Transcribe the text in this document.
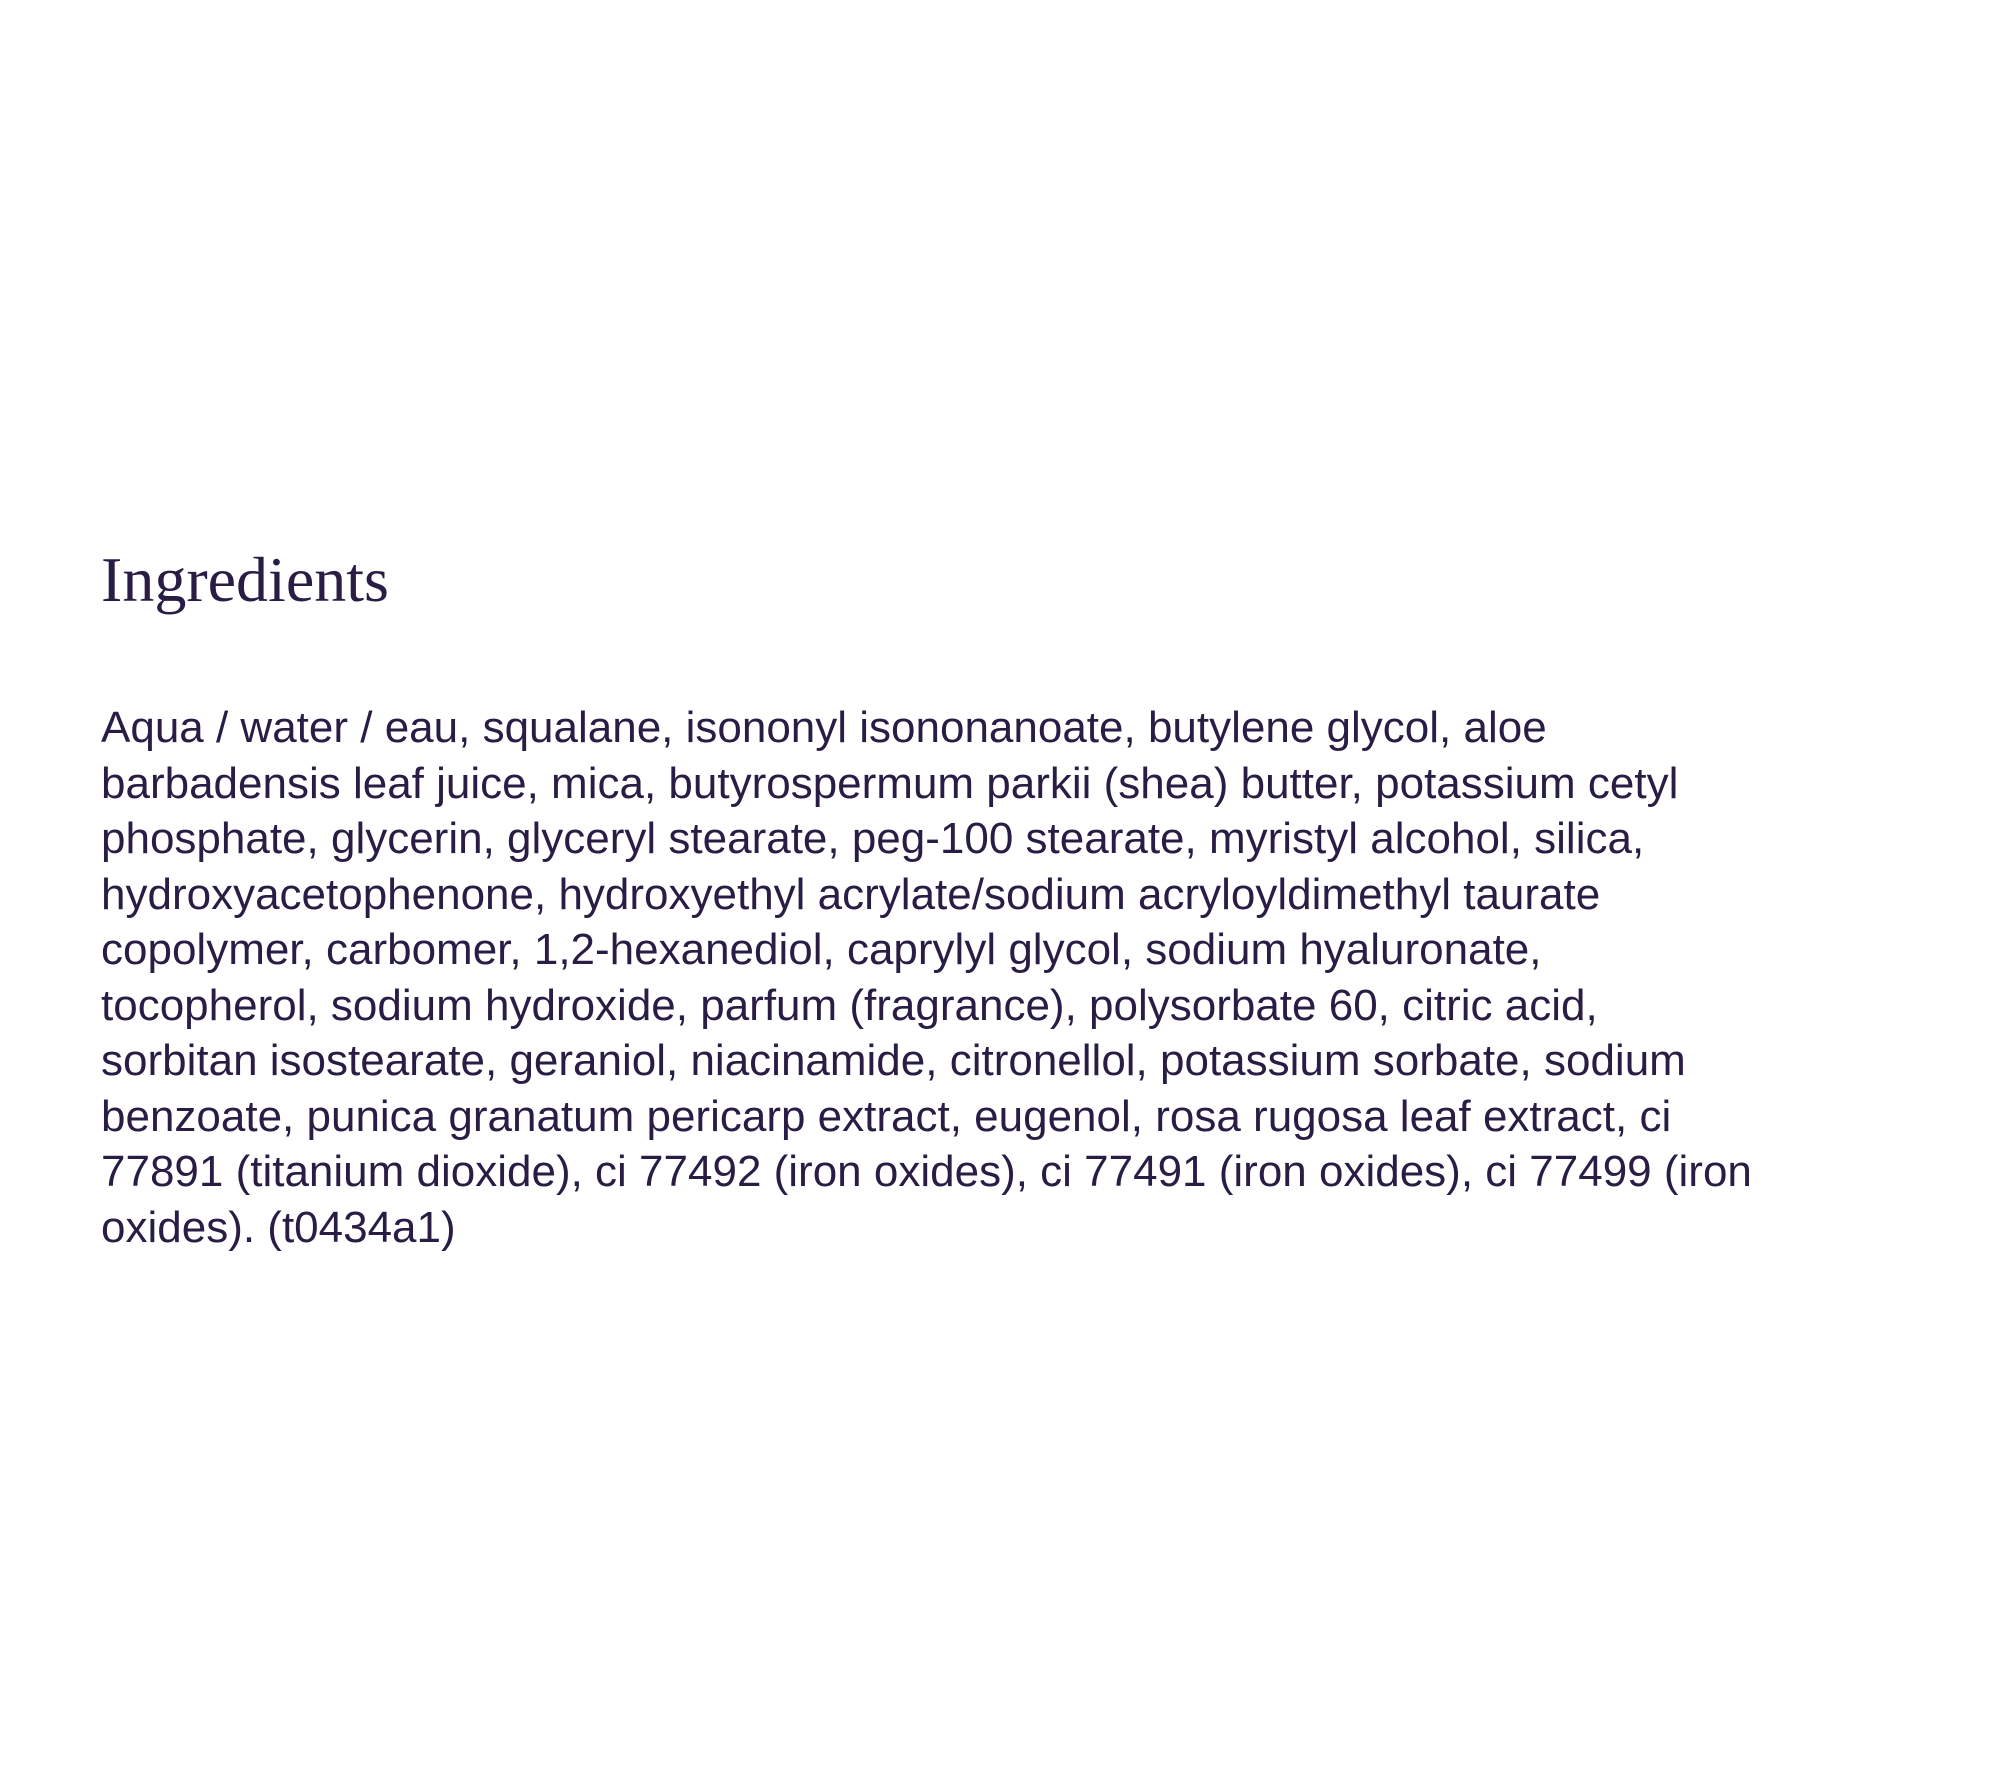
Ingredients

Aqua / water / eau, squalane, isononyl isononanoate, butylene glycol, aloe
barbadensis leaf juice, mica, butyrospermum parkii (shea) butter, potassium cetyl
phosphate, glycerin, glyceryl stearate, peg-100 stearate, myristyl alcohol, silica,
hydroxyacetophenone, hydroxyethyl acrylate/sodium acryloyldimethyl taurate
copolymer, carbomer, 1,2-hexanediol, caprylyl glycol, sodium hyaluronate,
tocopherol, sodium hydroxide, parfum (fragrance), polysorbate 60, citric acid,
sorbitan isostearate, geraniol, niacinamide, citronellol, potassium sorbate, sodium
benzoate, punica granatum pericarp extract, eugenol, rosa rugosa leaf extract, ci
77891 (titanium dioxide), ci 77492 (iron oxides), ci 77491 (iron oxides), ci 77499 (iron
oxides). (t0434a1)
